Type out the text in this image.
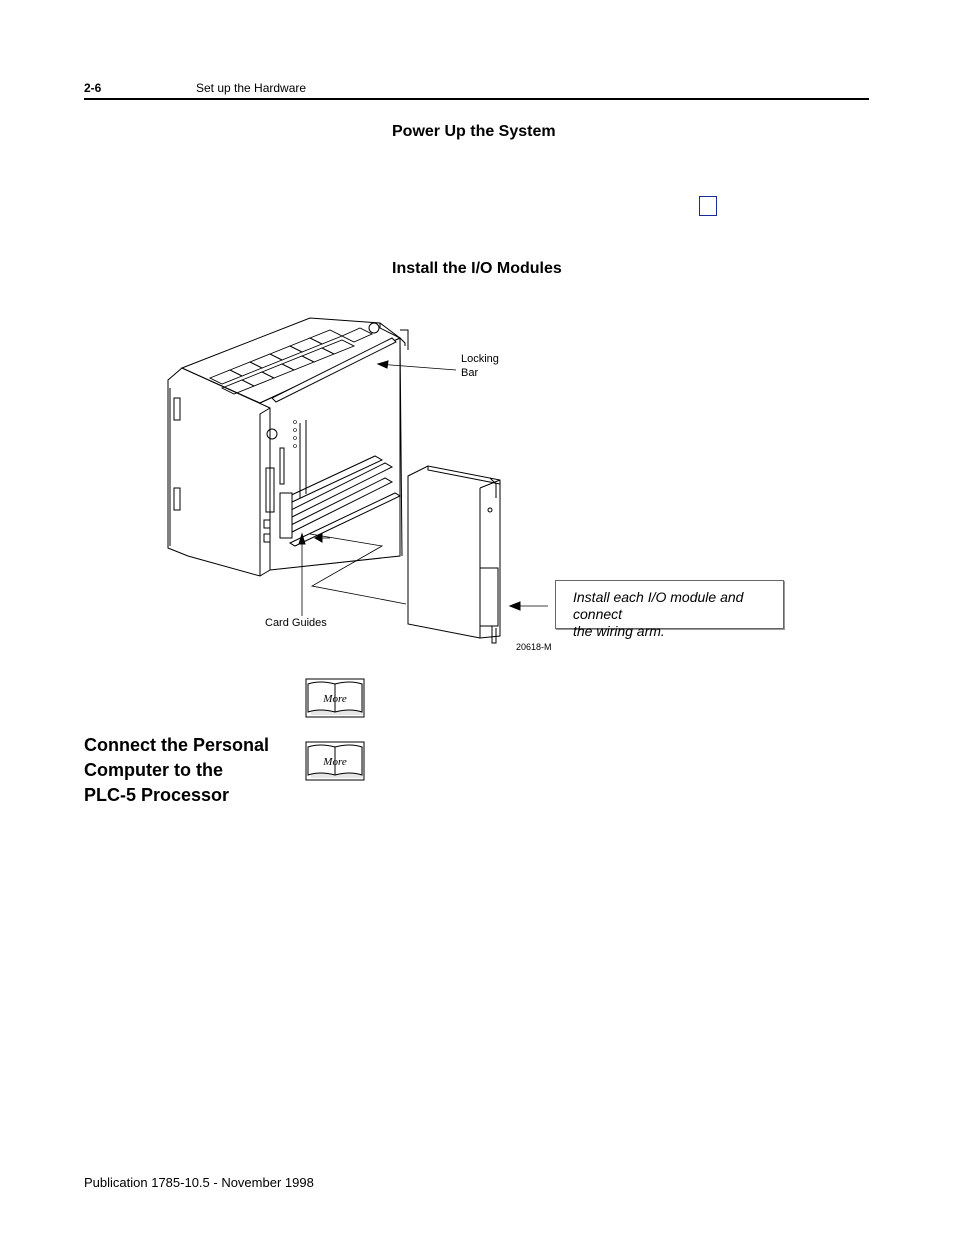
2-6	Set up the Hardware
Power Up the System
Install the I/O Modules
Locking
Bar
Card Guides
Install each I/O module and connect
the wiring arm.
20618-M
More
More
Connect the Personal
Computer to the
PLC-5 Processor
Publication 1785-10.5 - November 1998
